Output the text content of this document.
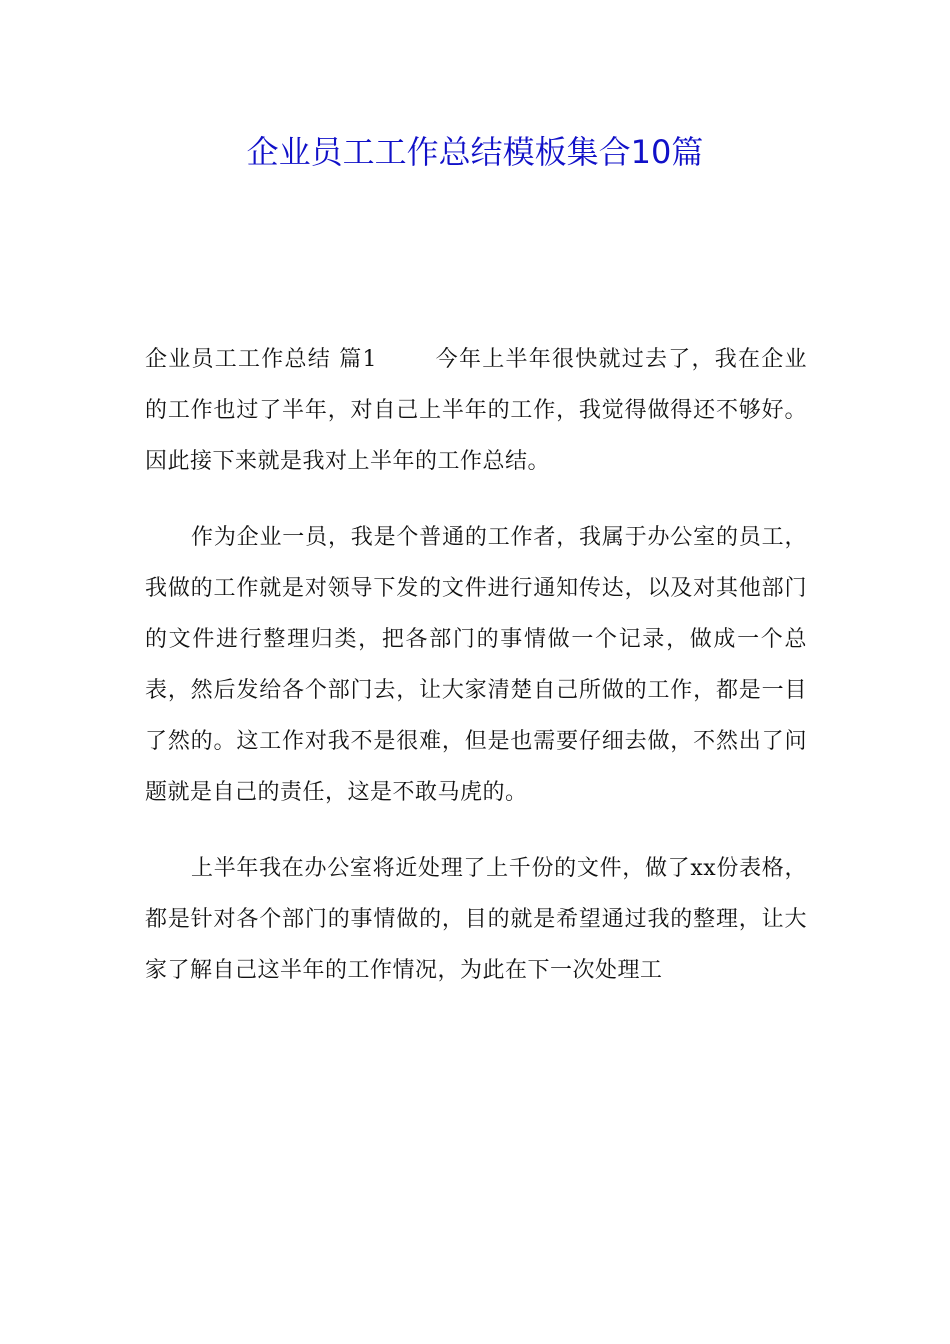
企业员工工作总结模板集合10篇

企业员工工作总结 篇1	今年上半年很快就过去了，我在企业的工作也过了半年，对自己上半年的工作，我觉得做得还不够好。因此接下来就是我对上半年的工作总结。

作为企业一员，我是个普通的工作者，我属于办公室的员工，我做的工作就是对领导下发的文件进行通知传达，以及对其他部门的文件进行整理归类，把各部门的事情做一个记录，做成一个总表，然后发给各个部门去，让大家清楚自己所做的工作，都是一目了然的。这工作对我不是很难，但是也需要仔细去做，不然出了问题就是自己的责任，这是不敢马虎的。

上半年我在办公室将近处理了上千份的文件，做了xx份表格，都是针对各个部门的事情做的，目的就是希望通过我的整理，让大家了解自己这半年的工作情况，为此在下一次处理工
